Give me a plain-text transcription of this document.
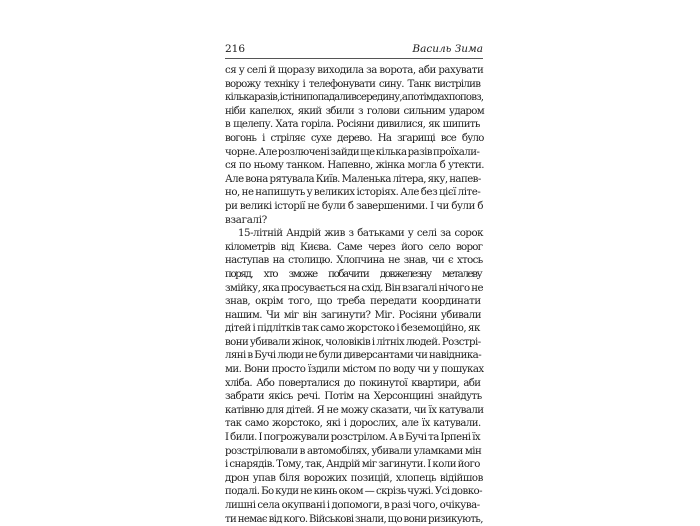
216	Василь Зима
ся у селі й щоразу виходила за ворота, аби рахувати
ворожу техніку і телефонувати сину. Танк вистрілив
кілька разів, і стіни попадали всередину, а потім дах поповз,
ніби капелюх, який збили з голови сильним ударом
в щелепу. Хата горіла. Росіяни дивилися, як шипить
вогонь і стріляє сухе дерево. На згарищі все було
чорне. Але розлючені зайди ще кілька разів проїхали-
ся по ньому танком. Напевно, жінка могла б утекти.
Але вона рятувала Київ. Маленька літера, яку, напев-
но, не напишуть у великих історіях. Але без цієї літе-
ри великі історії не були б завершеними. І чи були б
взагалі?
15-літній Андрій жив з батьками у селі за сорок
кілометрів від Києва. Саме через його село ворог
наступав на столицю. Хлопчина не знав, чи є хтось
поряд, хто зможе побачити довжелезну металеву
змійку, яка просувається на схід. Він взагалі нічого не
знав, окрім того, що треба передати координати
нашим. Чи міг він загинути? Міг. Росіяни убивали
дітей і підлітків так само жорстоко і беземоційно, як
вони убивали жінок, чоловіків і літніх людей. Розстрі-
ляні в Бучі люди не були диверсантами чи навідника-
ми. Вони просто їздили містом по воду чи у пошуках
хліба. Або поверталися до покинутої квартири, аби
забрати якісь речі. Потім на Херсонщині знайдуть
катівню для дітей. Я не можу сказати, чи їх катували
так само жорстоко, які і дорослих, але їх катували.
І били. І погрожували розстрілом. А в Бучі та Ірпені їх
розстрілювали в автомобілях, убивали уламками мін
і снарядів. Тому, так, Андрій міг загинути. І коли його
дрон упав біля ворожих позицій, хлопець відійшов
подалі. Бо куди не кинь оком — скрізь чужі. Усі довко-
лишні села окупвані і допомоги, в разі чого, очікува-
ти немає від кого. Військові знали, що вони ризикують,
